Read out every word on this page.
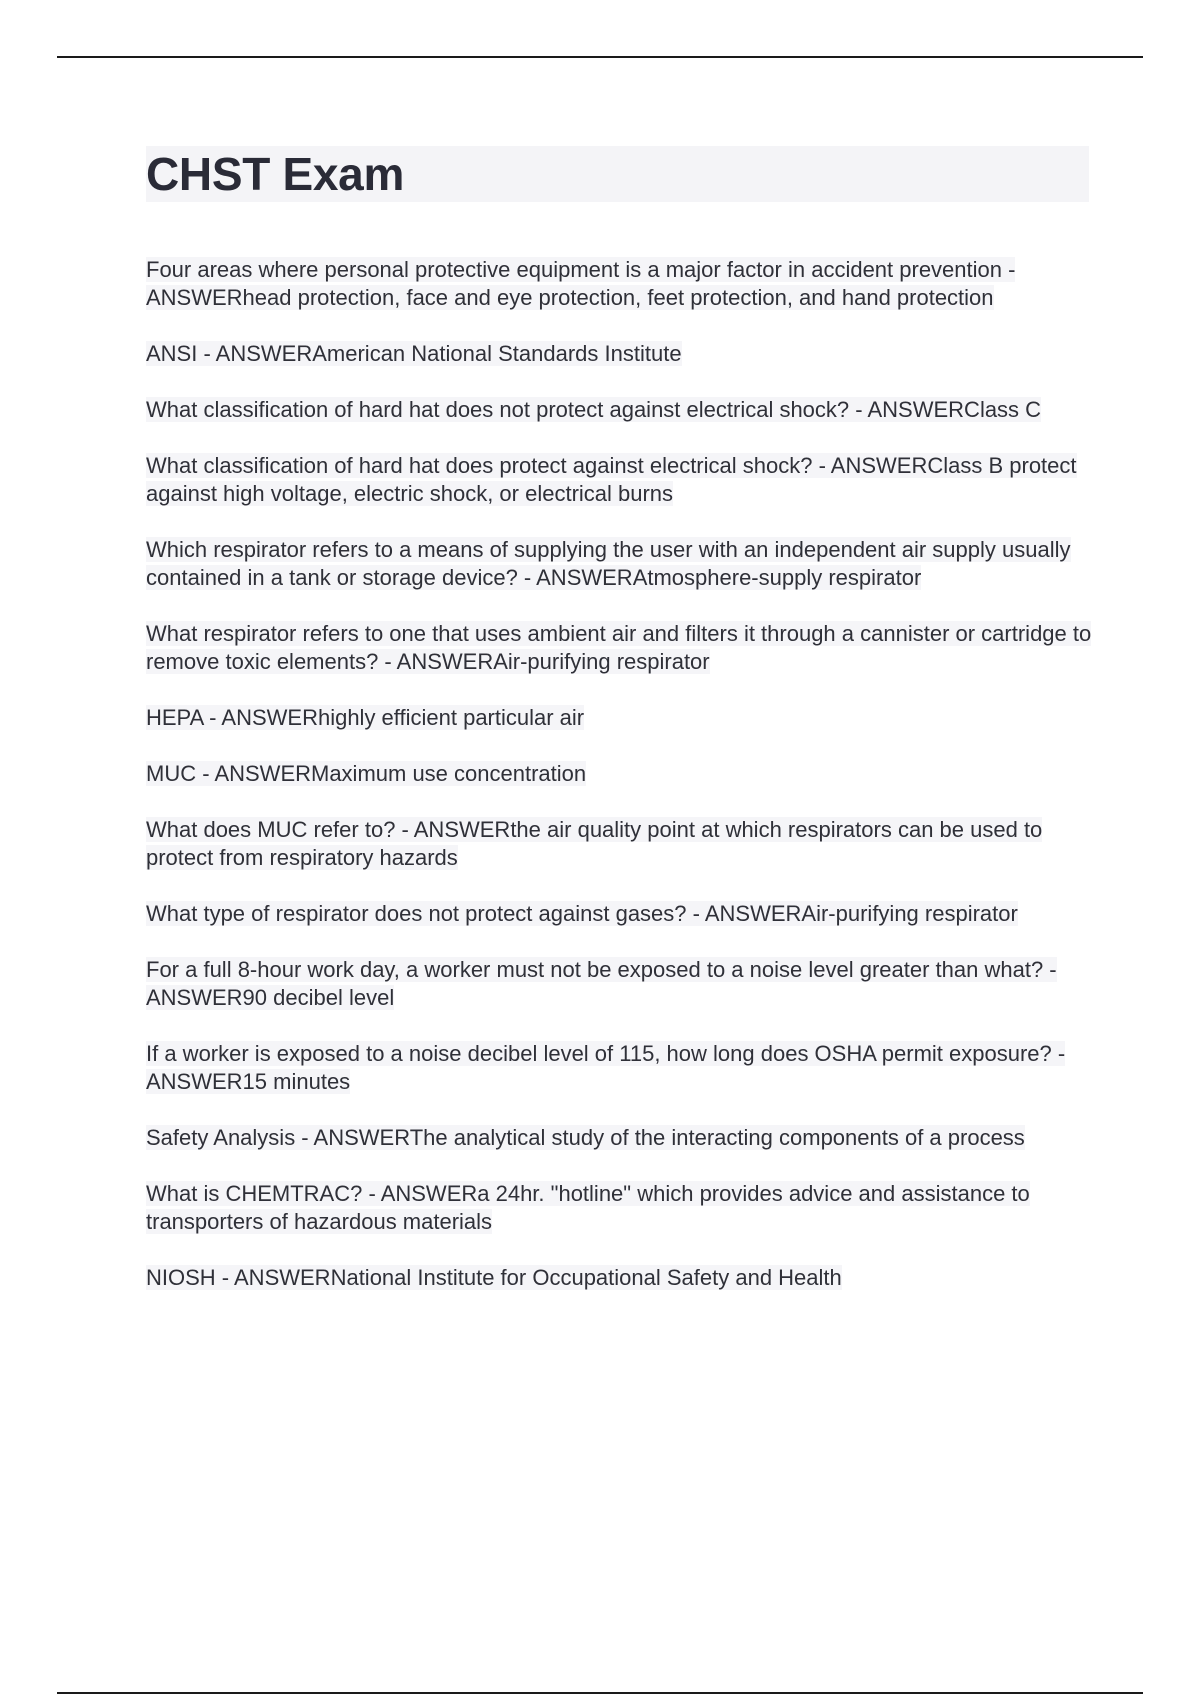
CHST Exam
Four areas where personal protective equipment is a major factor in accident prevention - ANSWERhead protection, face and eye protection, feet protection, and hand protection
ANSI - ANSWERAmerican National Standards Institute
What classification of hard hat does not protect against electrical shock? - ANSWERClass C
What classification of hard hat does protect against electrical shock? - ANSWERClass B protect against high voltage, electric shock, or electrical burns
Which respirator refers to a means of supplying the user with an independent air supply usually contained in a tank or storage device? - ANSWERAtmosphere-supply respirator
What respirator refers to one that uses ambient air and filters it through a cannister or cartridge to remove toxic elements? - ANSWERAir-purifying respirator
HEPA - ANSWERhighly efficient particular air
MUC - ANSWERMaximum use concentration
What does MUC refer to? - ANSWERthe air quality point at which respirators can be used to protect from respiratory hazards
What type of respirator does not protect against gases? - ANSWERAir-purifying respirator
For a full 8-hour work day, a worker must not be exposed to a noise level greater than what? - ANSWER90 decibel level
If a worker is exposed to a noise decibel level of 115, how long does OSHA permit exposure? - ANSWER15 minutes
Safety Analysis - ANSWERThe analytical study of the interacting components of a process
What is CHEMTRAC? - ANSWERa 24hr. "hotline" which provides advice and assistance to transporters of hazardous materials
NIOSH - ANSWERNational Institute for Occupational Safety and Health
